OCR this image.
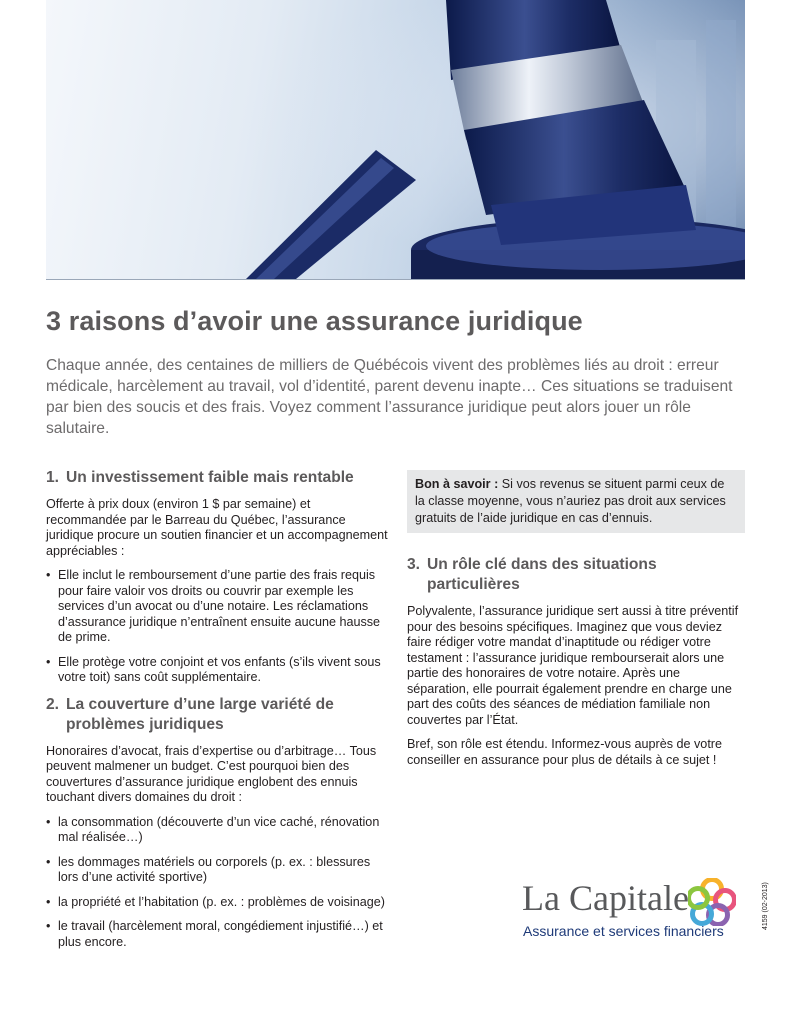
3 raisons d’avoir une assurance juridique

Chaque année, des centaines de milliers de Québécois vivent des problèmes liés au droit : erreur médicale, harcèlement au travail, vol d’identité, parent devenu inapte… Ces situations se traduisent par bien des soucis et des frais. Voyez comment l’assurance juridique peut alors jouer un rôle salutaire.

1. Un investissement faible mais rentable

Offerte à prix doux (environ 1 $ par semaine) et recommandée par le Barreau du Québec, l’assurance juridique procure un soutien financier et un accompagnement appréciables :

• Elle inclut le remboursement d’une partie des frais requis pour faire valoir vos droits ou couvrir par exemple les services d’un avocat ou d’une notaire. Les réclamations d’assurance juridique n’entraînent ensuite aucune hausse de prime.
• Elle protège votre conjoint et vos enfants (s’ils vivent sous votre toit) sans coût supplémentaire.
2. La couverture d’une large variété de problèmes juridiques

Honoraires d’avocat, frais d’expertise ou d’arbitrage… Tous peuvent malmener un budget. C’est pourquoi bien des couvertures d’assurance juridique englobent des ennuis touchant divers domaines du droit :

• la consommation (découverte d’un vice caché, rénovation mal réalisée…)
• les dommages matériels ou corporels (p. ex. : blessures lors d’une activité sportive)
• la propriété et l’habitation (p. ex. : problèmes de voisinage)
• le travail (harcèlement moral, congédiement injustifié…) et plus encore.
Bon à savoir : Si vos revenus se situent parmi ceux de la classe moyenne, vous n’auriez pas droit aux services gratuits de l’aide juridique en cas d’ennuis.
3. Un rôle clé dans des situations particulières

Polyvalente, l’assurance juridique sert aussi à titre préventif pour des besoins spécifiques. Imaginez que vous deviez faire rédiger votre mandat d’inaptitude ou rédiger votre testament : l’assurance juridique rembourserait alors une partie des honoraires de votre notaire. Après une séparation, elle pourrait également prendre en charge une part des coûts des séances de médiation familiale non couvertes par l’État.

Bref, son rôle est étendu. Informez-vous auprès de votre conseiller en assurance pour plus de détails à ce sujet !

La Capitale
Assurance et services financiers
4159 (02-2013)
